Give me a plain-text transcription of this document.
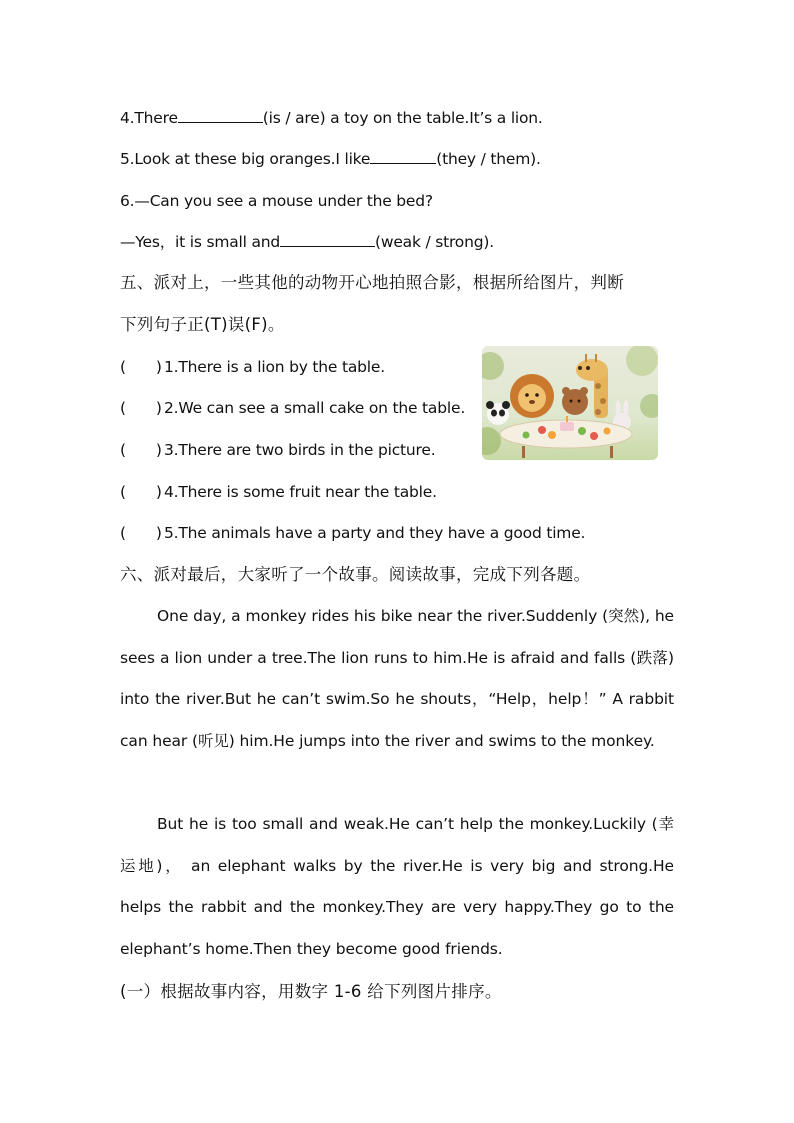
4.There	(is / are) a toy on the table.It’s a lion.
5.Look at these big oranges.I like	(they / them).
6.—Can you see a mouse under the bed?
—Yes，it is small and	(weak / strong).
五、派对上，一些其他的动物开心地拍照合影，根据所给图片，判断
下列句子正(T)误(F)。
( ) 1.There is a lion by the table.
( ) 2.We can see a small cake on the table.
( ) 3.There are two birds in the picture.
( ) 4.There is some fruit near the table.
( ) 5.The animals have a party and they have a good time.
六、派对最后，大家听了一个故事。阅读故事，完成下列各题。
One day, a monkey rides his bike near the river.Suddenly (突然), he sees a lion under a tree.The lion runs to him.He is afraid and falls (跌落) into the river.But he can’t swim.So he shouts，“Help，help！” A rabbit can hear (听见) him.He jumps into the river and swims to the monkey.
But he is too small and weak.He can’t help the monkey.Luckily (幸运地)， an elephant walks by the river.He is very big and strong.He helps the rabbit and the monkey.They are very happy.They go to the elephant’s home.Then they become good friends.
(一）根据故事内容，用数字 1-6 给下列图片排序。
